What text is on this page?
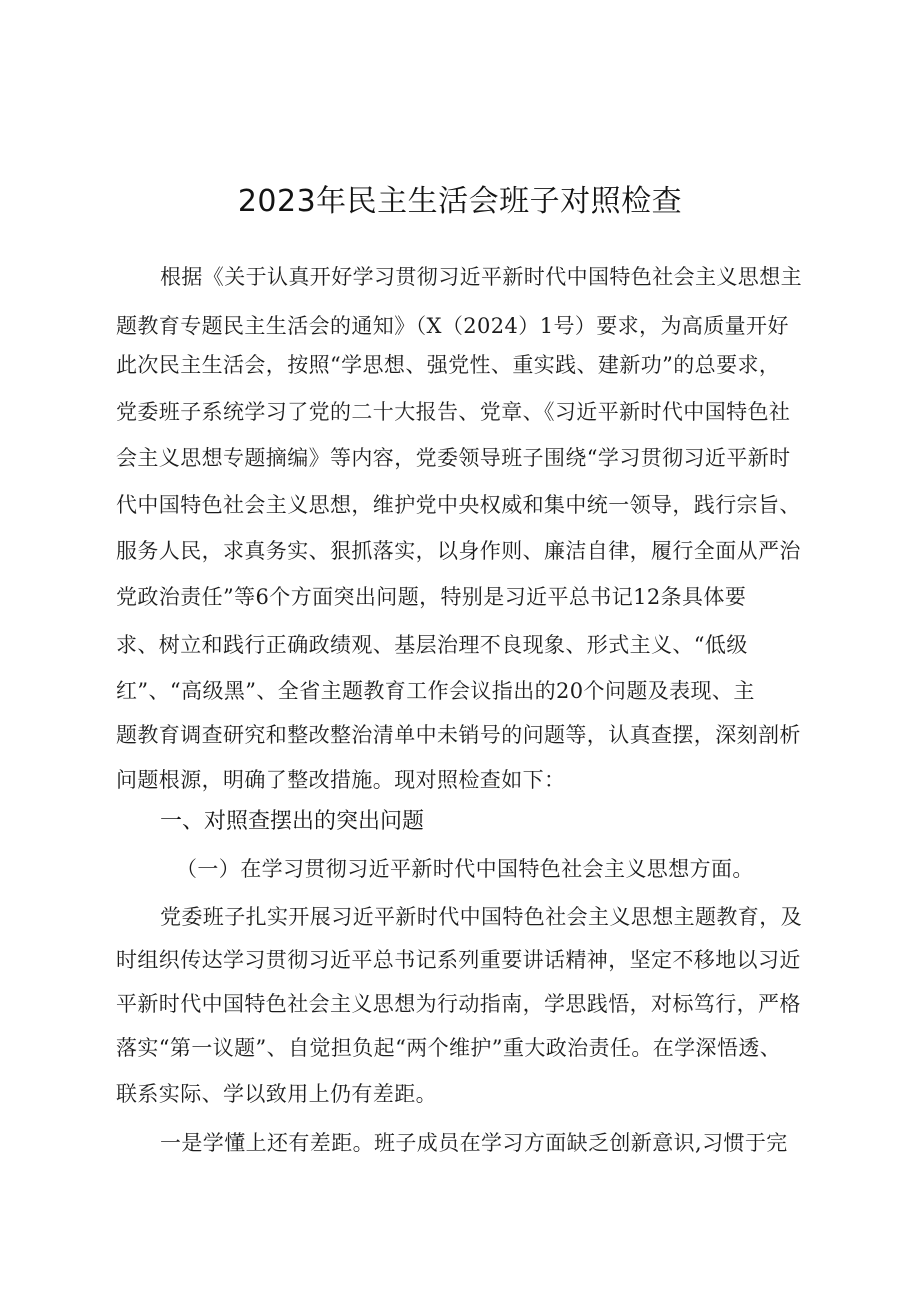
2023年民主生活会班子对照检查
根据《关于认真开好学习贯彻习近平新时代中国特色社会主义思想主
题教育专题民主生活会的通知》（X（2024）1号）要求，为高质量开好
此次民主生活会，按照“学思想、强党性、重实践、建新功”的总要求，
党委班子系统学习了党的二十大报告、党章、《习近平新时代中国特色社
会主义思想专题摘编》等内容，党委领导班子围绕“学习贯彻习近平新时
代中国特色社会主义思想，维护党中央权威和集中统一领导，践行宗旨、
服务人民，求真务实、狠抓落实，以身作则、廉洁自律，履行全面从严治
党政治责任”等6个方面突出问题，特别是习近平总书记12条具体要
求、树立和践行正确政绩观、基层治理不良现象、形式主义、“低级
红”、“高级黑”、全省主题教育工作会议指出的20个问题及表现、主
题教育调查研究和整改整治清单中未销号的问题等，认真查摆，深刻剖析
问题根源，明确了整改措施。现对照检查如下：
一、对照查摆出的突出问题
（一）在学习贯彻习近平新时代中国特色社会主义思想方面。
党委班子扎实开展习近平新时代中国特色社会主义思想主题教育，及
时组织传达学习贯彻习近平总书记系列重要讲话精神，坚定不移地以习近
平新时代中国特色社会主义思想为行动指南，学思践悟，对标笃行，严格
落实“第一议题”、自觉担负起“两个维护”重大政治责任。在学深悟透、
联系实际、学以致用上仍有差距。
一是学懂上还有差距。班子成员在学习方面缺乏创新意识,习惯于完
